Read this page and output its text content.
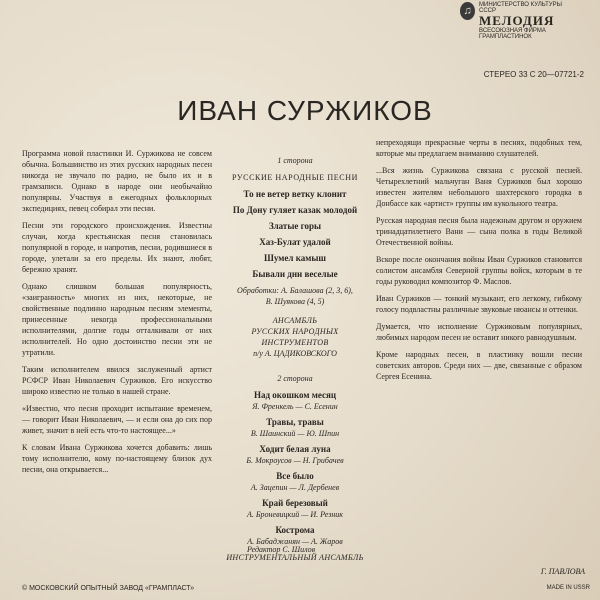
♫	МИНИСТЕРСТВО КУЛЬТУРЫ СССР
МЕЛОДИЯ
ВСЕСОЮЗНАЯ ФИРМА ГРАМПЛАСТИНОК
СТЕРЕО 33 С 20—07721-2
ИВАН СУРЖИКОВ

Программа новой пластинки И. Суржикова не совсем обычна. Большинство из этих русских народных песен никогда не звучало по радио, не было их и в грамзаписи. Однако в народе они необычайно популярны. Участвуя в ежегодных фольклорных экспедициях, певец собирал эти песни.

Песни эти городского происхождения. Известны случаи, когда крестьянская песня становилась популярной в городе, и напротив, песни, родившиеся в городе, улетали за его пределы. Их знают, любят, бережно хранят.

Однако слишком большая популярность, «заигранность» многих из них, некоторые, не свойственные подлинно народным песням элементы, принесенные некогда профессиональными исполнителями, долгие годы отталкивали от них исполнителей. Но одно достоинство песни эти не утратили.

Таким исполнителем явился заслуженный артист РСФСР Иван Николаевич Суржиков. Его искусство широко известно не только в нашей стране.

«Известно, что песня проходит испытание временем, — говорит Иван Николаевич, — и если она до сих пор живет, значит в ней есть что-то настоящее...»

К словам Ивана Суржикова хочется добавить: лишь тому исполнителю, кому по-настоящему близок дух песни, она открывается...

1 сторона
РУССКИЕ НАРОДНЫЕ ПЕСНИ
То не ветер ветку клонит
По Дону гуляет казак молодой
Златые горы
Хаз-Булат удалой
Шумел камыш
Бывали дни веселые
Обработки: А. Балашова (2, 3, 6),
В. Шуякова (4, 5)
АНСАМБЛЬ
РУССКИХ НАРОДНЫХ ИНСТРУМЕНТОВ
п/у А. ЦАДИКОВСКОГО
2 сторона
Над окошком месяц
Я. Френкель — С. Есенин
Травы, травы
В. Шаинский — Ю. Шпин
Ходит белая луна
Б. Мокроусов — Н. Грибачев
Все было
А. Зацепин — Л. Дербенев
Край березовый
А. Броневицкий — И. Резник
Кострома
А. Бабаджанян — А. Жаров
ИНСТРУМЕНТАЛЬНЫЙ АНСАМБЛЬ
Редактор С. Шилов

непреходящи прекрасные черты в песнях, подобных тем, которые мы предлагаем вниманию слушателей.

...Вся жизнь Суржикова связана с русской песней. Четырехлетний мальчуган Ваня Суржиков был хорошо известен жителям небольшого шахтерского городка в Донбассе как «артист» группы им кукольного театра.

Русская народная песня была надежным другом и оружием тринадцатилетнего Вани — сына полка в годы Великой Отечественной войны.

Вскоре после окончания войны Иван Суржиков становится солистом ансамбля Северной группы войск, которым в те годы руководил композитор Ф. Маслов.

Иван Суржиков — тонкий музыкант, его легкому, гибкому голосу подвластны различные звуковые нюансы и оттенки.

Думается, что исполнение Суржиковым популярных, любимых народом песен не оставит никого равнодушным.

Кроме народных песен, в пластинку вошли песни советских авторов. Среди них — две, связанные с образом Сергея Есенина.

Г. ПАВЛОВА
MADE IN USSR
© МОСКОВСКИЙ ОПЫТНЫЙ ЗАВОД «ГРАМПЛАСТ»
